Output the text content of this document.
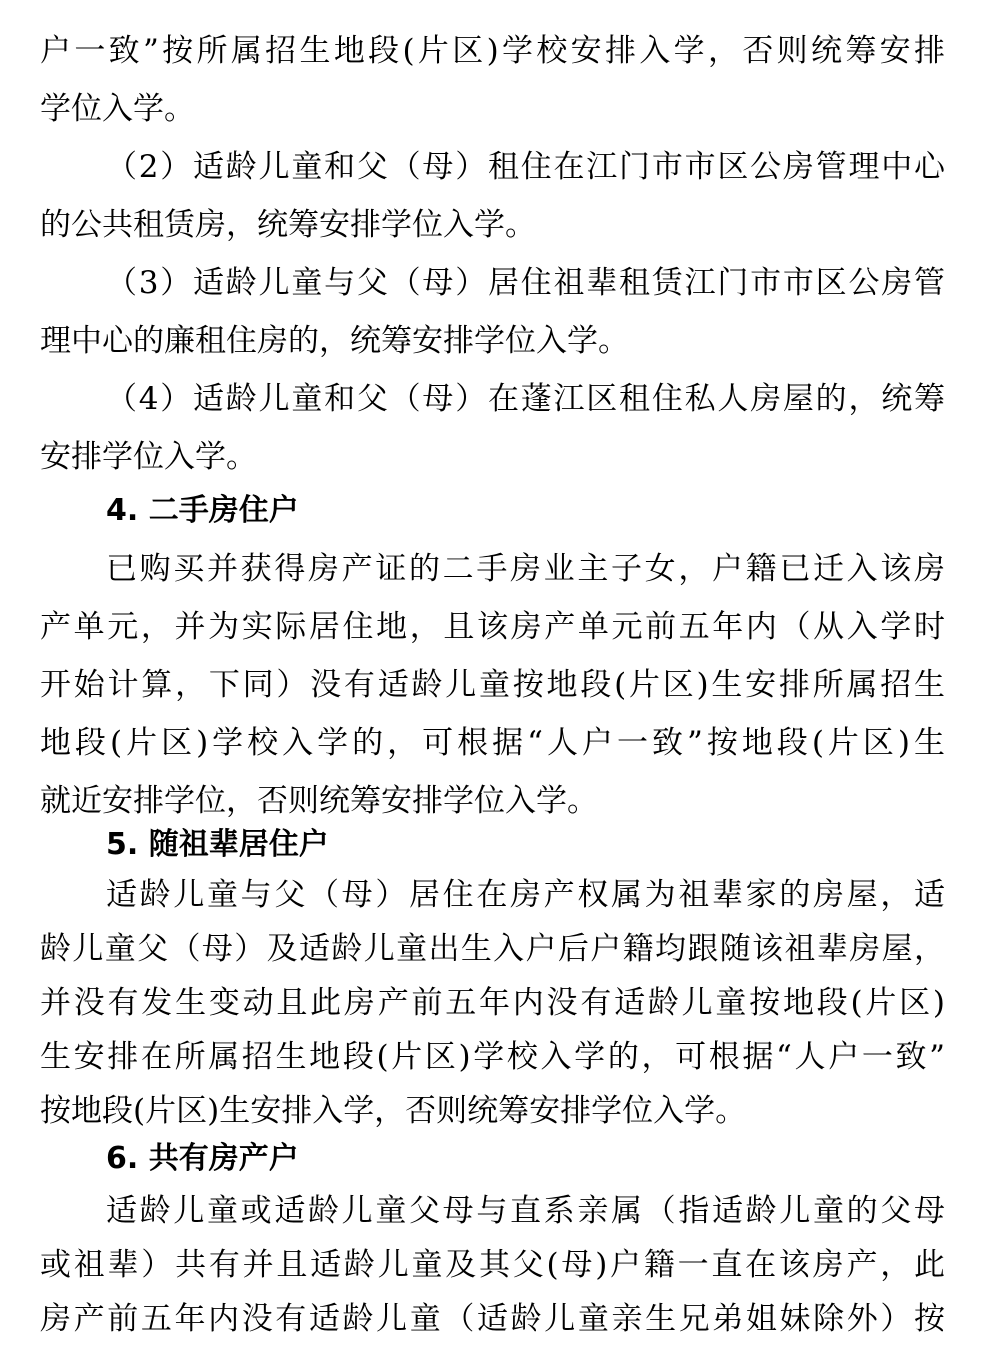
户一致”按所属招生地段(片区)学校安排入学，否则统筹安排
学位入学。
（2）适龄儿童和父（母）租住在江门市市区公房管理中心
的公共租赁房，统筹安排学位入学。
（3）适龄儿童与父（母）居住祖辈租赁江门市市区公房管
理中心的廉租住房的，统筹安排学位入学。
（4）适龄儿童和父（母）在蓬江区租住私人房屋的，统筹
安排学位入学。
4. 二手房住户
已购买并获得房产证的二手房业主子女，户籍已迁入该房
产单元，并为实际居住地，且该房产单元前五年内（从入学时
开始计算，下同）没有适龄儿童按地段(片区)生安排所属招生
地段(片区)学校入学的，可根据“人户一致”按地段(片区)生
就近安排学位，否则统筹安排学位入学。
5. 随祖辈居住户
适龄儿童与父（母）居住在房产权属为祖辈家的房屋，适
龄儿童父（母）及适龄儿童出生入户后户籍均跟随该祖辈房屋，
并没有发生变动且此房产前五年内没有适龄儿童按地段(片区)
生安排在所属招生地段(片区)学校入学的，可根据“人户一致”
按地段(片区)生安排入学，否则统筹安排学位入学。
6. 共有房产户
适龄儿童或适龄儿童父母与直系亲属（指适龄儿童的父母
或祖辈）共有并且适龄儿童及其父(母)户籍一直在该房产，此
房产前五年内没有适龄儿童（适龄儿童亲生兄弟姐妹除外）按
